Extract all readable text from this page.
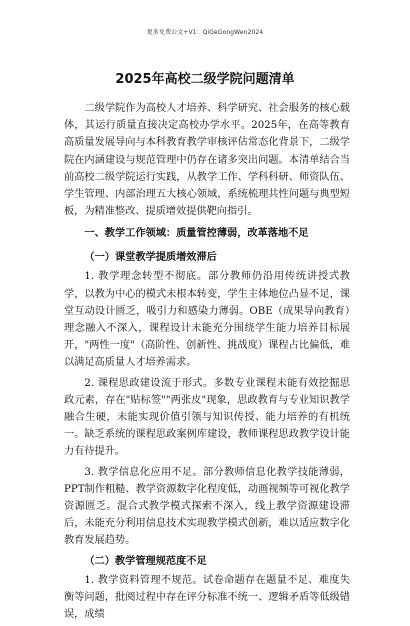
更多免费公文+V1：QiGeGongWen2024
2025年高校二级学院问题清单

二级学院作为高校人才培养、科学研究、社会服务的核心载体，其运行质量直接决定高校办学水平。2025年，在高等教育高质量发展导向与本科教育教学审核评估常态化背景下，二级学院在内涵建设与规范管理中仍存在诸多突出问题。本清单结合当前高校二级学院运行实践，从教学工作、学科科研、师资队伍、学生管理、内部治理五大核心领域，系统梳理共性问题与典型短板，为精准整改、提质增效提供靶向指引。

一、教学工作领域：质量管控薄弱，改革落地不足
（一）课堂教学提质增效滞后

1. 教学理念转型不彻底。部分教师仍沿用传统讲授式教学，以教为中心的模式未根本转变，学生主体地位凸显不足，课堂互动设计匮乏，吸引力和感染力薄弱。OBE（成果导向教育）理念融入不深入，课程设计未能充分围绕学生能力培养目标展开，"两性一度"（高阶性、创新性、挑战度）课程占比偏低，难以满足高质量人才培养需求。

2. 课程思政建设流于形式。多数专业课程未能有效挖掘思政元素，存在"贴标签""两张皮"现象，思政教育与专业知识教学融合生硬，未能实现价值引领与知识传授、能力培养的有机统一。缺乏系统的课程思政案例库建设，教师课程思政教学设计能力有待提升。

3. 教学信息化应用不足。部分教师信息化教学技能薄弱，PPT制作粗糙、教学资源数字化程度低，动画视频等可视化教学资源匮乏。混合式教学模式探索不深入，线上教学资源建设滞后，未能充分利用信息技术实现教学模式创新，难以适应数字化教育发展趋势。

（二）教学管理规范度不足

1. 教学资料管理不规范。试卷命题存在题量不足、难度失衡等问题，批阅过程中存在评分标准不统一、逻辑矛盾等低级错误，成绩
